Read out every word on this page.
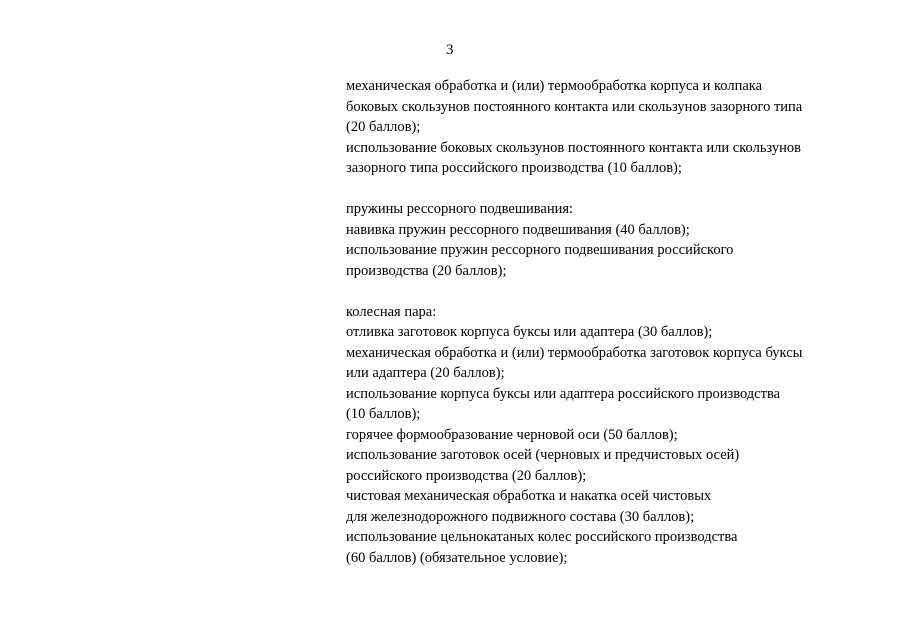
3
механическая обработка и (или) термообработка корпуса и колпака
боковых скользунов постоянного контакта или скользунов зазорного типа
(20 баллов);
использование боковых скользунов постоянного контакта или скользунов
зазорного типа российского производства (10 баллов);
пружины рессорного подвешивания:
навивка пружин рессорного подвешивания (40 баллов);
использование пружин рессорного подвешивания российского
производства (20 баллов);
колесная пара:
отливка заготовок корпуса буксы или адаптера (30 баллов);
механическая обработка и (или) термообработка заготовок корпуса буксы
или адаптера (20 баллов);
использование корпуса буксы или адаптера российского производства
(10 баллов);
горячее формообразование черновой оси (50 баллов);
использование заготовок осей (черновых и предчистовых осей)
российского производства (20 баллов);
чистовая механическая обработка и накатка осей чистовых
для железнодорожного подвижного состава (30 баллов);
использование цельнокатаных колес российского производства
(60 баллов) (обязательное условие);
